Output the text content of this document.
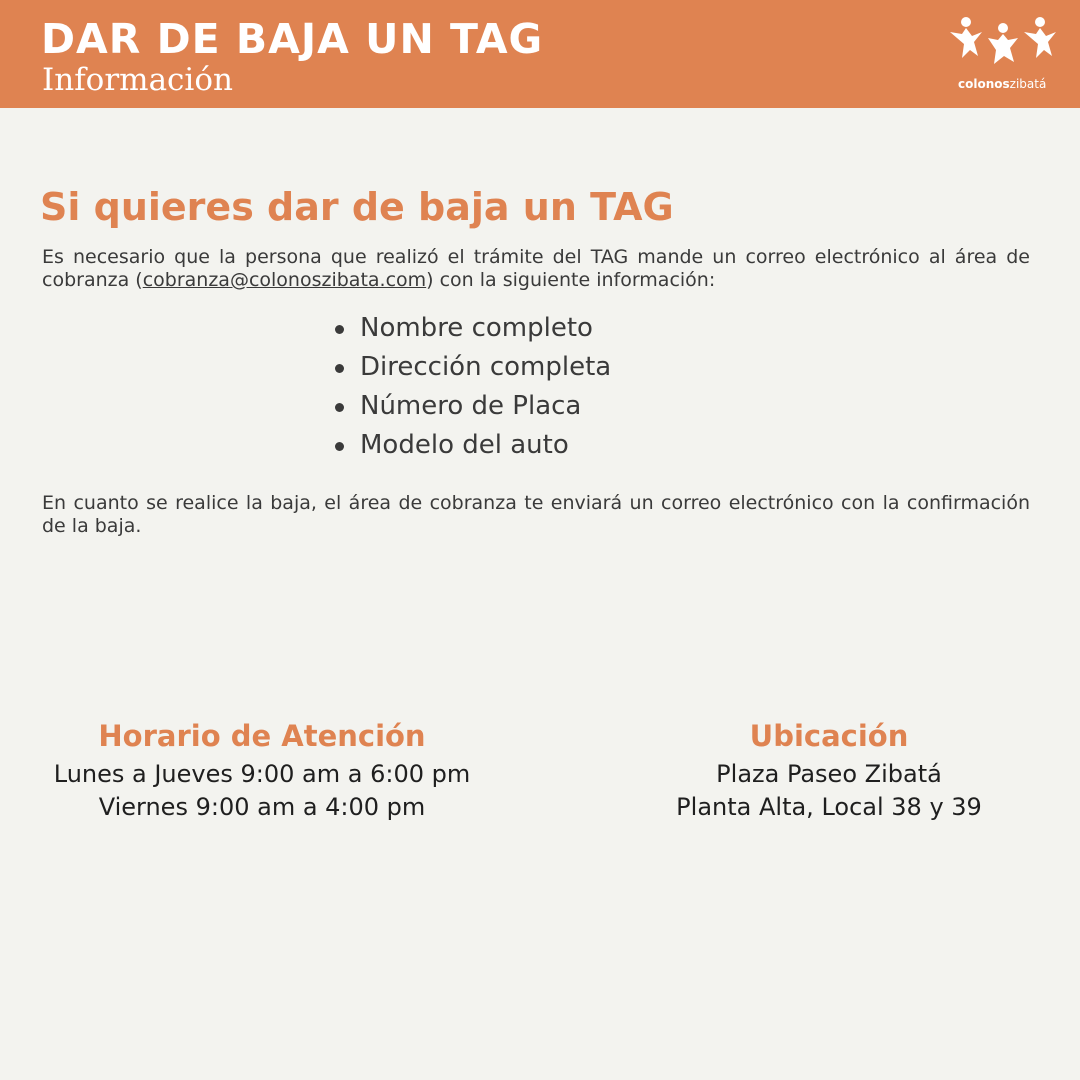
DAR DE BAJA UN TAG
Información	colonoszibatá
Si quieres dar de baja un TAG
Es necesario que la persona que realizó el trámite del TAG mande un correo electrónico al área de cobranza (cobranza@colonoszibata.com) con la siguiente información:
Nombre completo
Dirección completa
Número de Placa
Modelo del auto
En cuanto se realice la baja, el área de cobranza te enviará un correo electrónico con la confirmación de la baja.
Horario de Atención
Lunes a Jueves 9:00 am a 6:00 pm
Viernes 9:00 am a 4:00 pm
Ubicación
Plaza Paseo Zibatá
Planta Alta, Local 38 y 39
